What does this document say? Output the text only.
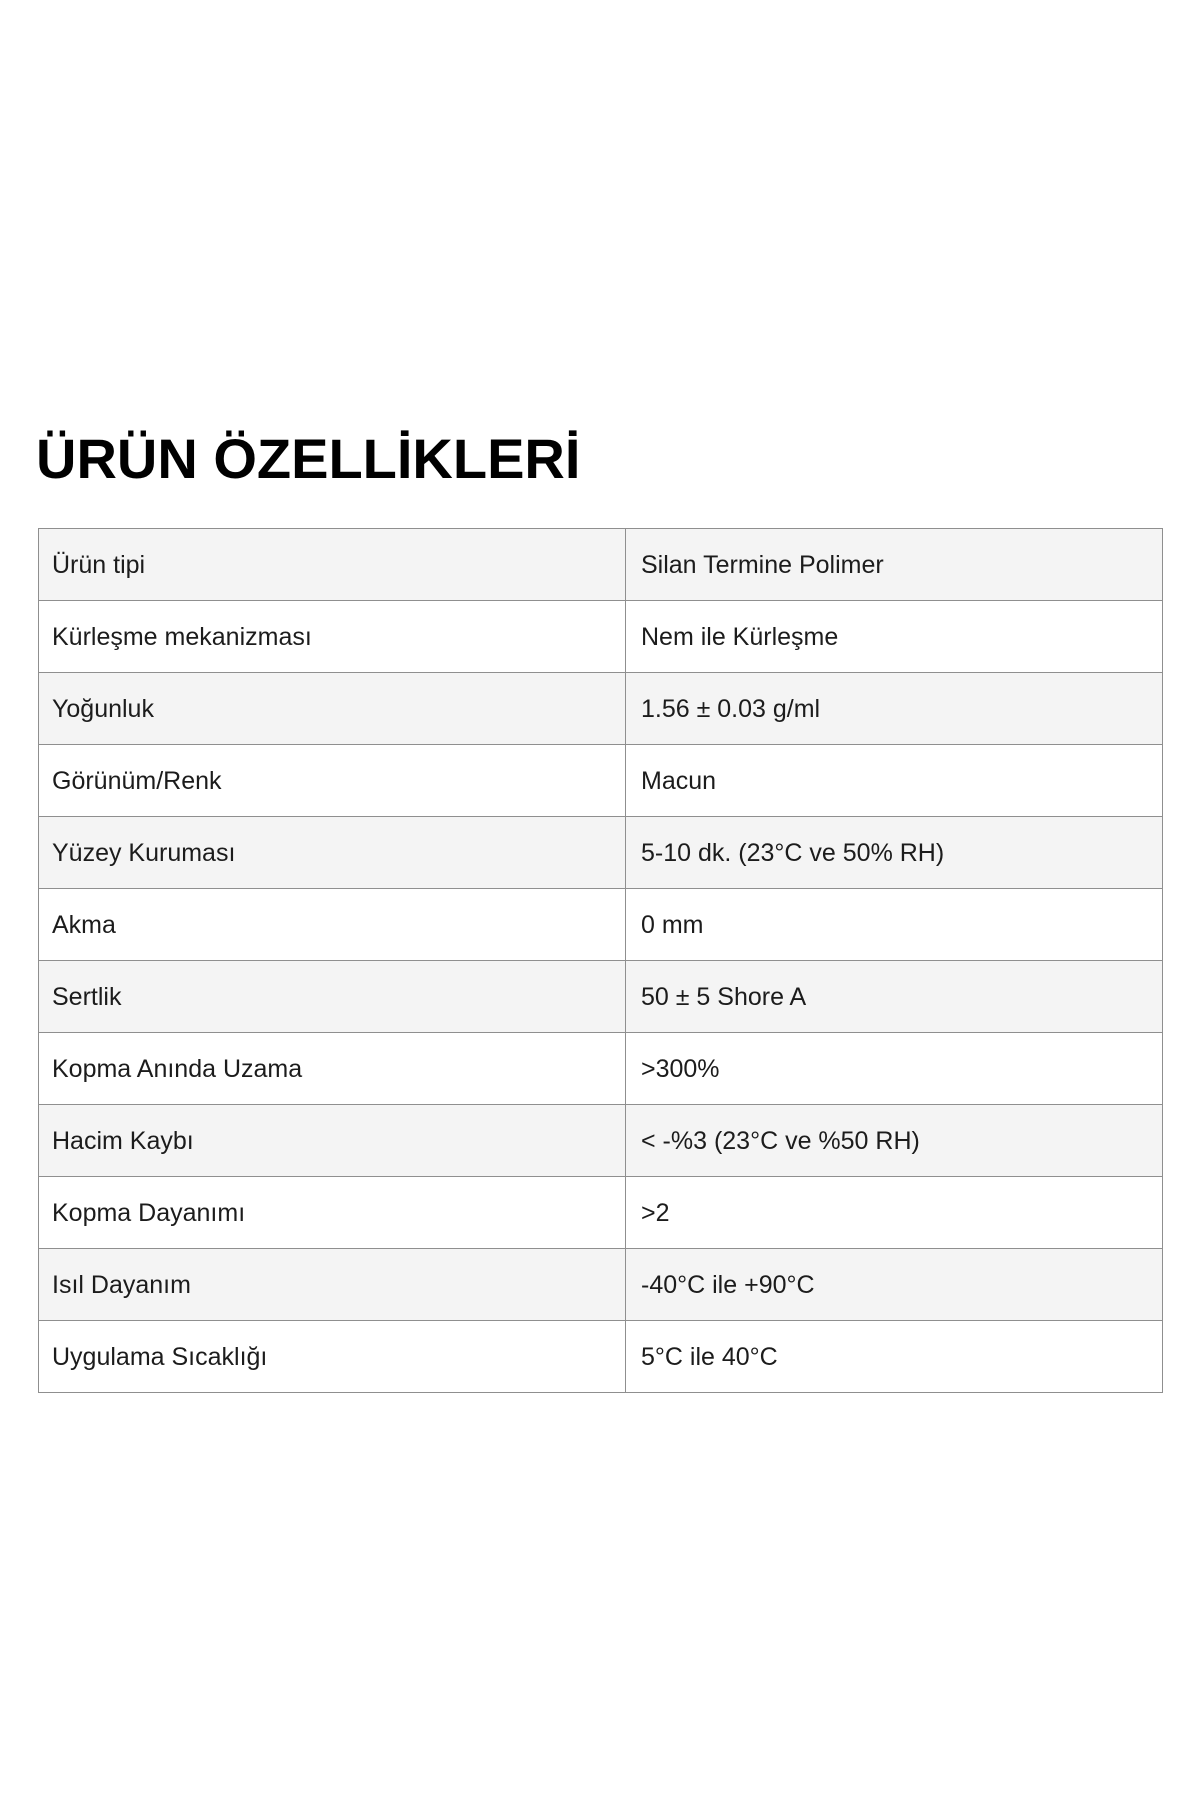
ÜRÜN ÖZELLİKLERİ
Ürün tipi	Silan Termine Polimer
Kürleşme mekanizması	Nem ile Kürleşme
Yoğunluk	1.56 ± 0.03 g/ml
Görünüm/Renk	Macun
Yüzey Kuruması	5-10 dk. (23°C ve 50% RH)
Akma	0 mm
Sertlik	50 ± 5 Shore A
Kopma Anında Uzama	>300%
Hacim Kaybı	< -%3 (23°C ve %50 RH)
Kopma Dayanımı	>2
Isıl Dayanım	-40°C ile +90°C
Uygulama Sıcaklığı	5°C ile 40°C
